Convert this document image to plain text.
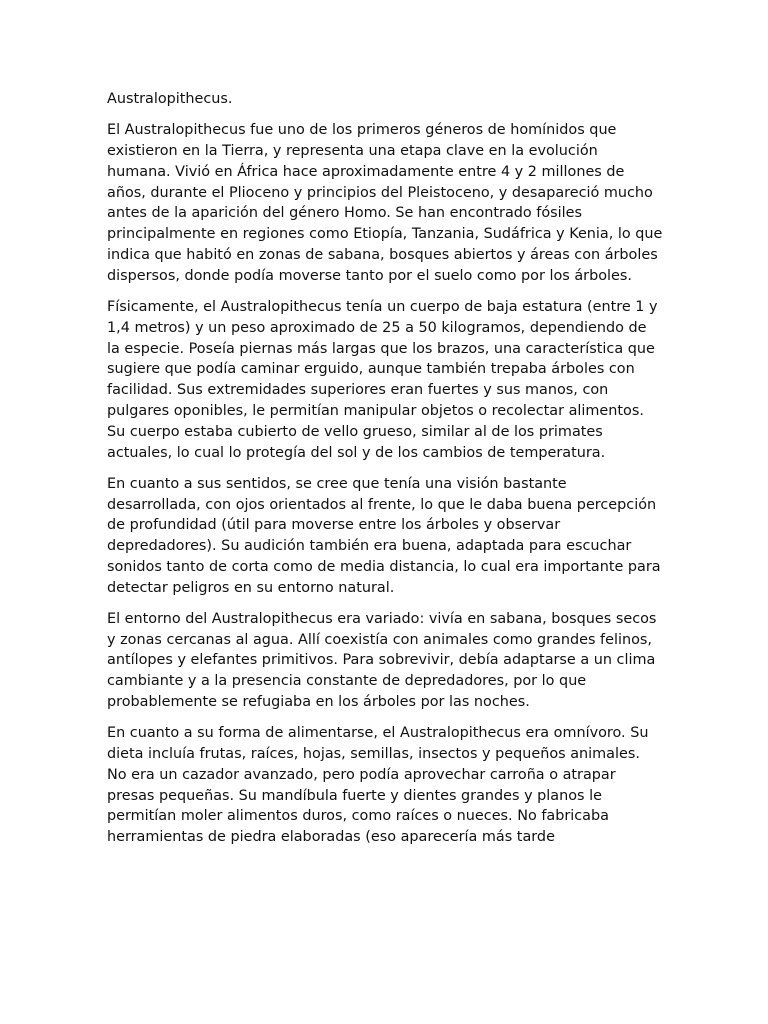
Australopithecus.

El Australopithecus fue uno de los primeros géneros de homínidos que existieron en la Tierra, y representa una etapa clave en la evolución humana. Vivió en África hace aproximadamente entre 4 y 2 millones de años, durante el Plioceno y principios del Pleistoceno, y desapareció mucho antes de la aparición del género Homo. Se han encontrado fósiles principalmente en regiones como Etiopía, Tanzania, Sudáfrica y Kenia, lo que indica que habitó en zonas de sabana, bosques abiertos y áreas con árboles dispersos, donde podía moverse tanto por el suelo como por los árboles.

Físicamente, el Australopithecus tenía un cuerpo de baja estatura (entre 1 y 1,4 metros) y un peso aproximado de 25 a 50 kilogramos, dependiendo de la especie. Poseía piernas más largas que los brazos, una característica que sugiere que podía caminar erguido, aunque también trepaba árboles con facilidad. Sus extremidades superiores eran fuertes y sus manos, con pulgares oponibles, le permitían manipular objetos o recolectar alimentos. Su cuerpo estaba cubierto de vello grueso, similar al de los primates actuales, lo cual lo protegía del sol y de los cambios de temperatura.

En cuanto a sus sentidos, se cree que tenía una visión bastante desarrollada, con ojos orientados al frente, lo que le daba buena percepción de profundidad (útil para moverse entre los árboles y observar depredadores). Su audición también era buena, adaptada para escuchar sonidos tanto de corta como de media distancia, lo cual era importante para detectar peligros en su entorno natural.

El entorno del Australopithecus era variado: vivía en sabana, bosques secos y zonas cercanas al agua. Allí coexistía con animales como grandes felinos, antílopes y elefantes primitivos. Para sobrevivir, debía adaptarse a un clima cambiante y a la presencia constante de depredadores, por lo que probablemente se refugiaba en los árboles por las noches.

En cuanto a su forma de alimentarse, el Australopithecus era omnívoro. Su dieta incluía frutas, raíces, hojas, semillas, insectos y pequeños animales. No era un cazador avanzado, pero podía aprovechar carroña o atrapar presas pequeñas. Su mandíbula fuerte y dientes grandes y planos le permitían moler alimentos duros, como raíces o nueces. No fabricaba herramientas de piedra elaboradas (eso aparecería más tarde
